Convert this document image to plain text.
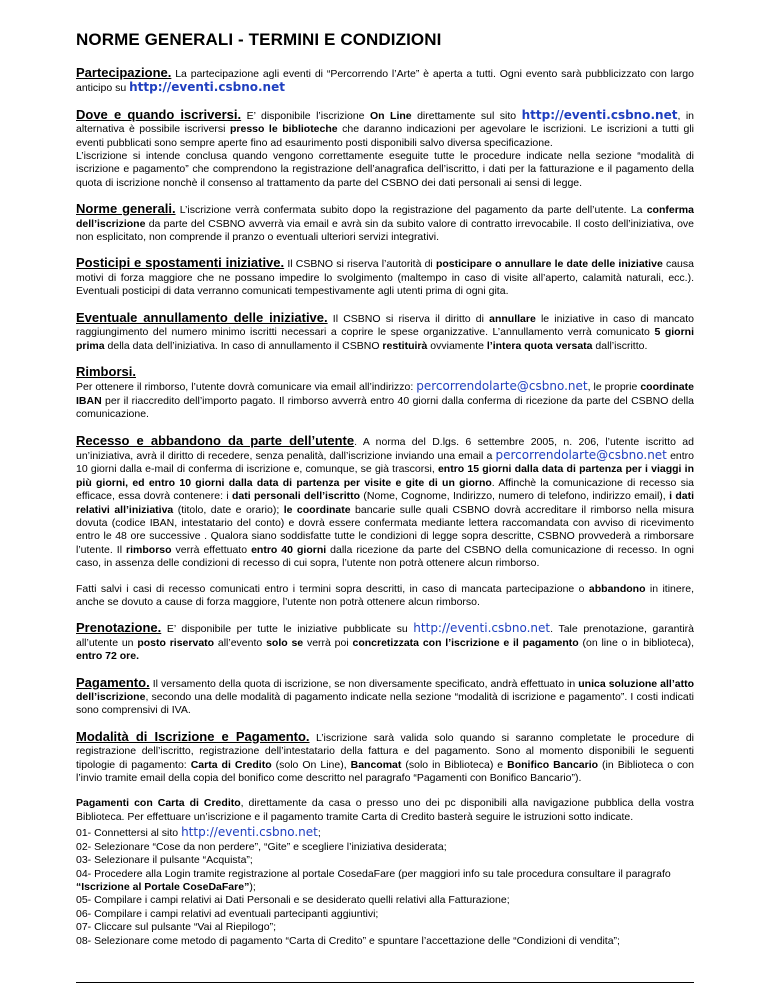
NORME GENERALI - TERMINI E CONDIZIONI

Partecipazione. La partecipazione agli eventi di “Percorrendo l’Arte” è aperta a tutti. Ogni evento sarà pubblicizzato con largo anticipo su http://eventi.csbno.net

Dove e quando iscriversi. E’ disponibile l’iscrizione On Line direttamente sul sito http://eventi.csbno.net, in alternativa è possibile iscriversi presso le biblioteche che daranno indicazioni per agevolare le iscrizioni. Le iscrizioni a tutti gli eventi pubblicati sono sempre aperte fino ad esaurimento posti disponibili salvo diversa specificazione.

L’iscrizione si intende conclusa quando vengono correttamente eseguite tutte le procedure indicate nella sezione “modalità di iscrizione e pagamento” che comprendono la registrazione dell’anagrafica dell’iscritto, i dati per la fatturazione e il pagamento della quota di iscrizione nonchè il consenso al trattamento da parte del CSBNO dei dati personali ai sensi di legge.

Norme generali. L’iscrizione verrà confermata subito dopo la registrazione del pagamento da parte dell’utente. La conferma dell’iscrizione da parte del CSBNO avverrà via email e avrà sin da subito valore di contratto irrevocabile. Il costo dell’iniziativa, ove non esplicitato, non comprende il pranzo o eventuali ulteriori servizi integrativi.

Posticipi e spostamenti iniziative. Il CSBNO si riserva l’autorità di posticipare o annullare le date delle iniziative causa motivi di forza maggiore che ne possano impedire lo svolgimento (maltempo in caso di visite all’aperto, calamità naturali, ecc.). Eventuali posticipi di data verranno comunicati tempestivamente agli utenti prima di ogni gita.

Eventuale annullamento delle iniziative. Il CSBNO si riserva il diritto di annullare le iniziative in caso di mancato raggiungimento del numero minimo iscritti necessari a coprire le spese organizzative. L’annullamento verrà comunicato 5 giorni prima della data dell’iniziativa. In caso di annullamento il CSBNO restituirà ovviamente l’intera quota versata dall’iscritto.

Rimborsi.

Per ottenere il rimborso, l’utente dovrà comunicare via email all’indirizzo: percorrendolarte@csbno.net, le proprie coordinate IBAN per il riaccredito dell’importo pagato. Il rimborso avverrà entro 40 giorni dalla conferma di ricezione da parte del CSBNO della comunicazione.

Recesso e abbandono da parte dell’utente. A norma del D.lgs. 6 settembre 2005, n. 206, l’utente iscritto ad un’iniziativa, avrà il diritto di recedere, senza penalità, dall’iscrizione inviando una email a percorrendolarte@csbno.net entro 10 giorni dalla e-mail di conferma di iscrizione e, comunque, se già trascorsi, entro 15 giorni dalla data di partenza per i viaggi in più giorni, ed entro 10 giorni dalla data di partenza per visite e gite di un giorno. Affinchè la comunicazione di recesso sia efficace, essa dovrà contenere: i dati personali dell’iscritto (Nome, Cognome, Indirizzo, numero di telefono, indirizzo email), i dati relativi all’iniziativa (titolo, date e orario); le coordinate bancarie sulle quali CSBNO dovrà accreditare il rimborso nella misura dovuta (codice IBAN, intestatario del conto) e dovrà essere confermata mediante lettera raccomandata con avviso di ricevimento entro le 48 ore successive . Qualora siano soddisfatte tutte le condizioni di legge sopra descritte, CSBNO provvederà a rimborsare l’utente. Il rimborso verrà effettuato entro 40 giorni dalla ricezione da parte del CSBNO della comunicazione di recesso. In ogni caso, in assenza delle condizioni di recesso di cui sopra, l’utente non potrà ottenere alcun rimborso.

Fatti salvi i casi di recesso comunicati entro i termini sopra descritti, in caso di mancata partecipazione o abbandono in itinere, anche se dovuto a cause di forza maggiore, l’utente non potrà ottenere alcun rimborso.

Prenotazione. E’ disponibile per tutte le iniziative pubblicate su http://eventi.csbno.net. Tale prenotazione, garantirà all’utente un posto riservato all’evento solo se verrà poi concretizzata con l’iscrizione e il pagamento (on line o in biblioteca), entro 72 ore.

Pagamento. Il versamento della quota di iscrizione, se non diversamente specificato, andrà effettuato in unica soluzione all’atto dell’iscrizione, secondo una delle modalità di pagamento indicate nella sezione “modalità di iscrizione e pagamento”. I costi indicati sono comprensivi di IVA.

Modalità di Iscrizione e Pagamento. L’iscrizione sarà valida solo quando si saranno completate le procedure di registrazione dell’iscritto, registrazione dell’intestatario della fattura e del pagamento. Sono al momento disponibili le seguenti tipologie di pagamento: Carta di Credito (solo On Line), Bancomat (solo in Biblioteca) e Bonifico Bancario (in Biblioteca o con l’invio tramite email della copia del bonifico come descritto nel paragrafo “Pagamenti con Bonifico Bancario”).

Pagamenti con Carta di Credito, direttamente da casa o presso uno dei pc disponibili alla navigazione pubblica della vostra Biblioteca. Per effettuare un’iscrizione e il pagamento tramite Carta di Credito basterà seguire le istruzioni sotto indicate.

01- Connettersi al sito http://eventi.csbno.net;
02- Selezionare “Cose da non perdere”, “Gite” e scegliere l’iniziativa desiderata;
03- Selezionare il pulsante “Acquista”;
04- Procedere alla Login tramite registrazione al portale CosedaFare (per maggiori info su tale procedura consultare il paragrafo “Iscrizione al Portale CoseDaFare”);
05- Compilare i campi relativi ai Dati Personali e se desiderato quelli relativi alla Fatturazione;
06- Compilare i campi relativi ad eventuali partecipanti aggiuntivi;
07- Cliccare sul pulsante “Vai al Riepilogo”;
08- Selezionare come metodo di pagamento “Carta di Credito” e spuntare l’accettazione delle “Condizioni di vendita”;
